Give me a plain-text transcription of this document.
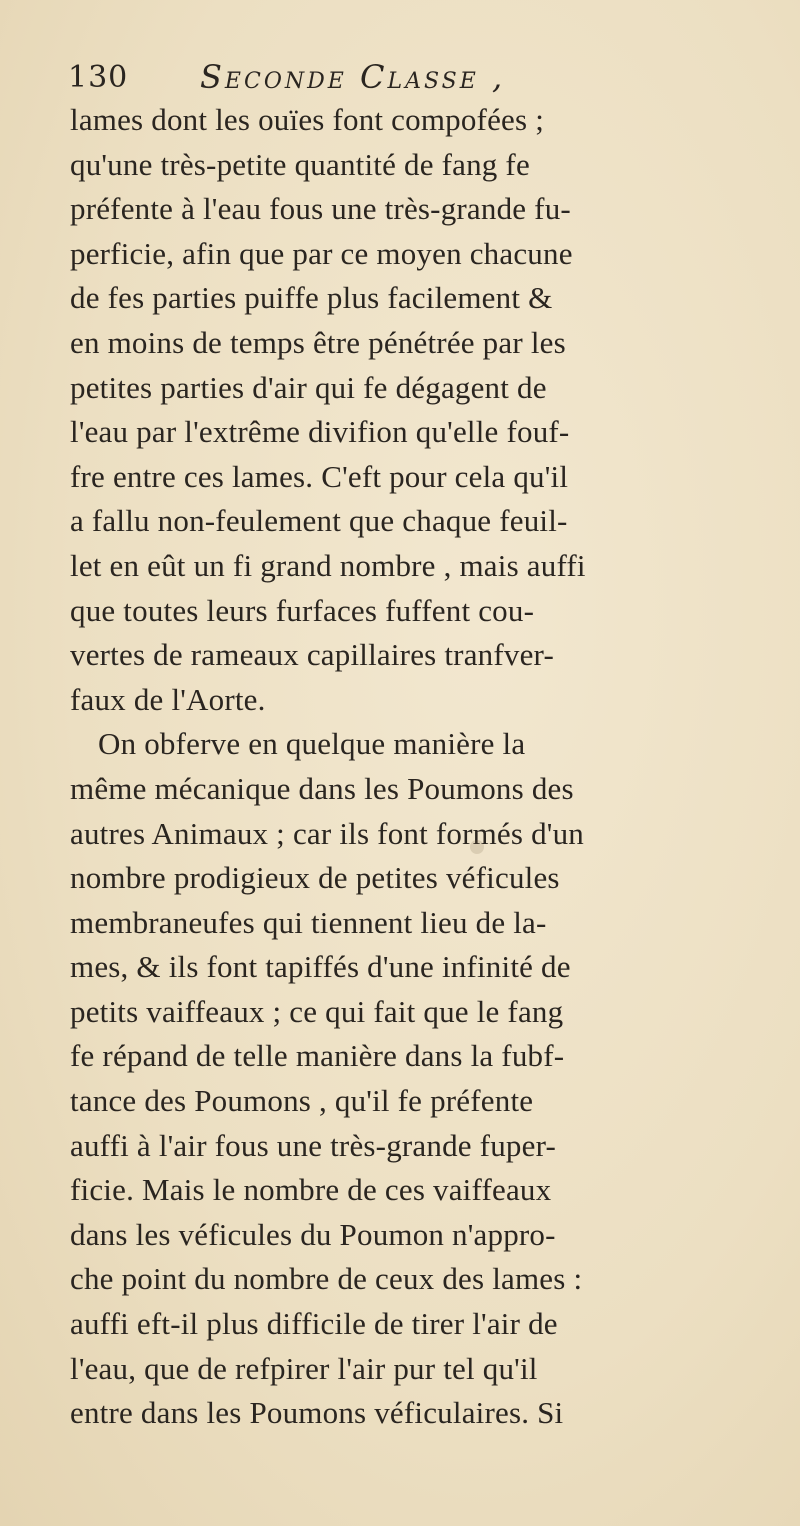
130 Seconde Classe ,
lames dont les ouïes font compofées ;
qu'une très-petite quantité de fang fe
préfente à l'eau fous une très-grande fu-
perficie, afin que par ce moyen chacune
de fes parties puiffe plus facilement &
en moins de temps être pénétrée par les
petites parties d'air qui fe dégagent de
l'eau par l'extrême divifion qu'elle fouf-
fre entre ces lames. C'eft pour cela qu'il
a fallu non-feulement que chaque feuil-
let en eût un fi grand nombre , mais auffi
que toutes leurs furfaces fuffent cou-
vertes de rameaux capillaires tranfver-
faux de l'Aorte.
On obferve en quelque manière la
même mécanique dans les Poumons des
autres Animaux ; car ils font formés d'un
nombre prodigieux de petites véficules
membraneufes qui tiennent lieu de la-
mes, & ils font tapiffés d'une infinité de
petits vaiffeaux ; ce qui fait que le fang
fe répand de telle manière dans la fubf-
tance des Poumons , qu'il fe préfente
auffi à l'air fous une très-grande fuper-
ficie. Mais le nombre de ces vaiffeaux
dans les véficules du Poumon n'appro-
che point du nombre de ceux des lames :
auffi eft-il plus difficile de tirer l'air de
l'eau, que de refpirer l'air pur tel qu'il
entre dans les Poumons véficulaires. Si
